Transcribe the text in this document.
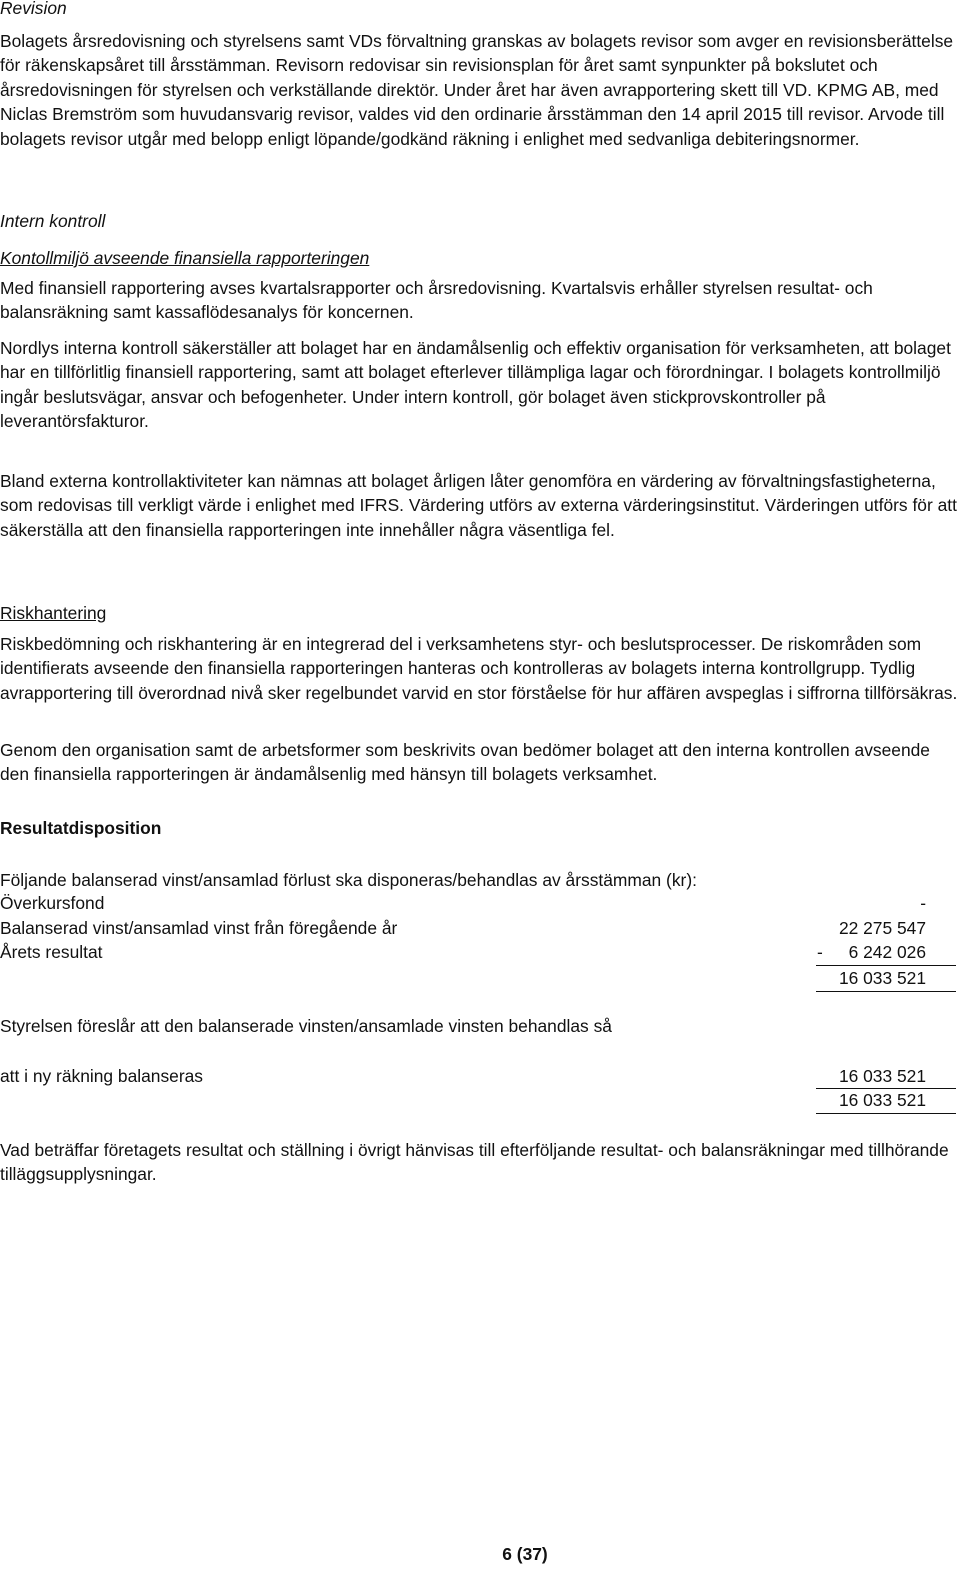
Revision

Bolagets årsredovisning och styrelsens samt VDs förvaltning granskas av bolagets revisor som avger en revisionsberättelse för räkenskapsåret till årsstämman. Revisorn redovisar sin revisionsplan för året samt synpunkter på bokslutet och årsredovisningen för styrelsen och verkställande direktör. Under året har även avrapportering skett till VD. KPMG AB, med Niclas Bremström som huvudansvarig revisor, valdes vid den ordinarie årsstämman den 14 april 2015 till revisor. Arvode till bolagets revisor utgår med belopp enligt löpande/godkänd räkning i enlighet med sedvanliga debiteringsnormer.

Intern kontroll

Kontollmiljö avseende finansiella rapporteringen

Med finansiell rapportering avses kvartalsrapporter och årsredovisning. Kvartalsvis erhåller styrelsen resultat- och balansräkning samt kassaflödesanalys för koncernen.

Nordlys interna kontroll säkerställer att bolaget har en ändamålsenlig och effektiv organisation för verksamheten, att bolaget har en tillförlitlig finansiell rapportering, samt att bolaget efterlever tillämpliga lagar och förordningar. I bolagets kontrollmiljö ingår beslutsvägar, ansvar och befogenheter. Under intern kontroll, gör bolaget även stickprovskontroller på leverantörsfakturor.

Bland externa kontrollaktiviteter kan nämnas att bolaget årligen låter genomföra en värdering av förvaltningsfastigheterna, som redovisas till verkligt värde i enlighet med IFRS. Värdering utförs av externa värderingsinstitut. Värderingen utförs för att säkerställa att den finansiella rapporteringen inte innehåller några väsentliga fel.

Riskhantering

Riskbedömning och riskhantering är en integrerad del i verksamhetens styr- och beslutsprocesser. De riskområden som identifierats avseende den finansiella rapporteringen hanteras och kontrolleras av bolagets interna kontrollgrupp. Tydlig avrapportering till överordnad nivå sker regelbundet varvid en stor förståelse för hur affären avspeglas i siffrorna tillförsäkras.

Genom den organisation samt de arbetsformer som beskrivits ovan bedömer bolaget att den interna kontrollen avseende den finansiella rapporteringen är ändamålsenlig med hänsyn till bolagets verksamhet.

Resultatdisposition

Följande balanserad vinst/ansamlad förlust ska disponeras/behandlas av årsstämman (kr):

Överkursfond	-
Balanserad vinst/ansamlad vinst från föregående år	22 275 547
Årets resultat	- 6 242 026
16 033 521

Styrelsen föreslår att den balanserade vinsten/ansamlade vinsten behandlas så

att i ny räkning balanseras	16 033 521
16 033 521

Vad beträffar företagets resultat och ställning i övrigt hänvisas till efterföljande resultat- och balansräkningar med tillhörande tilläggsupplysningar.

6 (37)
